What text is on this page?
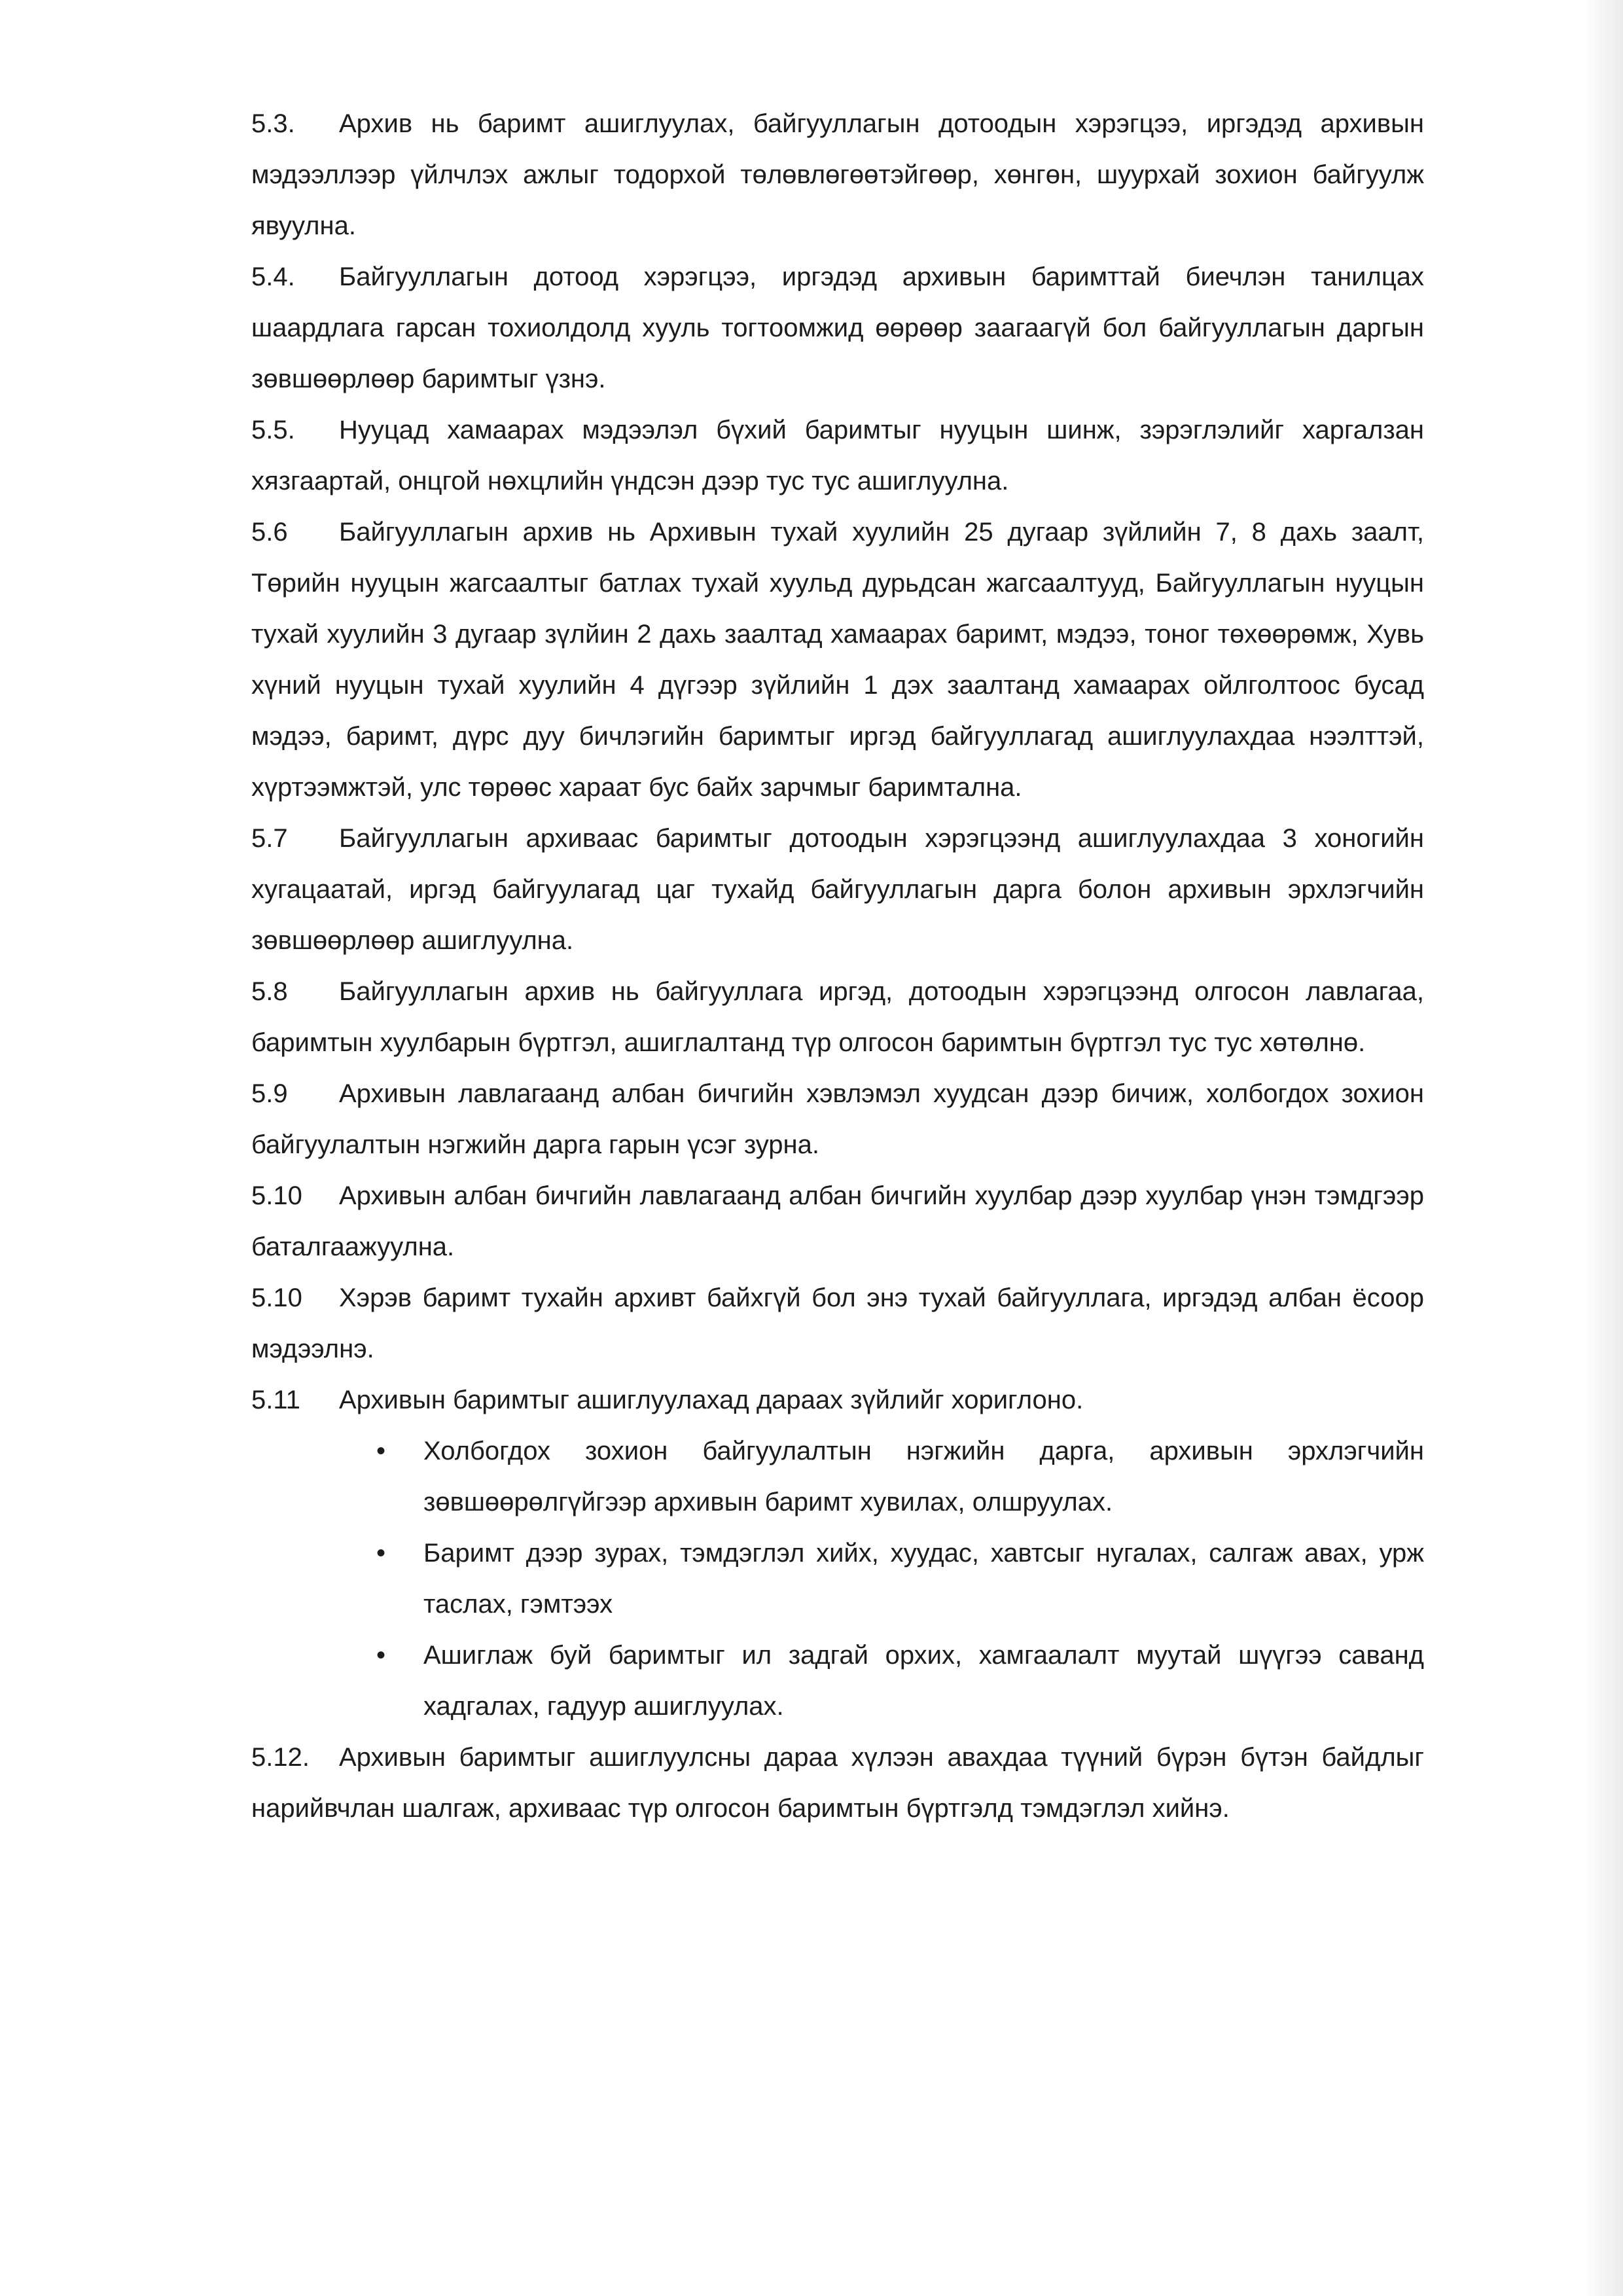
5.3. Архив нь баримт ашиглуулах, байгууллагын дотоодын хэрэгцээ, иргэдэд архивын мэдээллээр үйлчлэх ажлыг тодорхой төлөвлөгөөтэйгөөр, хөнгөн, шуурхай зохион байгуулж явуулна.

5.4. Байгууллагын дотоод хэрэгцээ, иргэдэд архивын баримттай биечлэн танилцах шаардлага гарсан тохиолдолд хууль тогтоомжид өөрөөр заагаагүй бол байгууллагын даргын зөвшөөрлөөр баримтыг үзнэ.

5.5. Нууцад хамаарах мэдээлэл бүхий баримтыг нууцын шинж, зэрэглэлийг харгалзан хязгаартай, онцгой нөхцлийн үндсэн дээр тус тус ашиглуулна.

5.6 Байгууллагын архив нь Архивын тухай хуулийн 25 дугаар зүйлийн 7, 8 дахь заалт, Төрийн нууцын жагсаалтыг батлах тухай хуульд дурьдсан жагсаалтууд, Байгууллагын нууцын тухай хуулийн 3 дугаар зүлйин 2 дахь заалтад хамаарах баримт, мэдээ, тоног төхөөрөмж, Хувь хүний нууцын тухай хуулийн 4 дүгээр зүйлийн 1 дэх заалтанд хамаарах ойлголтоос бусад мэдээ, баримт, дүрс дуу бичлэгийн баримтыг иргэд байгууллагад ашиглуулахдаа нээлттэй, хүртээмжтэй, улс төрөөс хараат бус байх зарчмыг баримтална.

5.7 Байгууллагын архиваас баримтыг дотоодын хэрэгцээнд ашиглуулахдаа 3 хоногийн хугацаатай, иргэд байгуулагад цаг тухайд байгууллагын дарга болон архивын эрхлэгчийн зөвшөөрлөөр ашиглуулна.

5.8 Байгууллагын архив нь байгууллага иргэд, дотоодын хэрэгцээнд олгосон лавлагаа, баримтын хуулбарын бүртгэл, ашиглалтанд түр олгосон баримтын бүртгэл тус тус хөтөлнө.

5.9 Архивын лавлагаанд албан бичгийн хэвлэмэл хуудсан дээр бичиж, холбогдох зохион байгуулалтын нэгжийн дарга гарын үсэг зурна.

5.10 Архивын албан бичгийн лавлагаанд албан бичгийн хуулбар дээр хуулбар үнэн тэмдгээр баталгаажуулна.

5.10 Хэрэв баримт тухайн архивт байхгүй бол энэ тухай байгууллага, иргэдэд албан ёсоор мэдээлнэ.

5.11 Архивын баримтыг ашиглуулахад дараах зүйлийг хориглоно.

• Холбогдох зохион байгуулалтын нэгжийн дарга, архивын эрхлэгчийн зөвшөөрөлгүйгээр архивын баримт хувилах, олшруулах.
• Баримт дээр зурах, тэмдэглэл хийх, хуудас, хавтсыг нугалах, салгаж авах, урж таслах, гэмтээх
• Ашиглаж буй баримтыг ил задгай орхих, хамгаалалт муутай шүүгээ саванд хадгалах, гадуур ашиглуулах.

5.12. Архивын баримтыг ашиглуулсны дараа хүлээн авахдаа түүний бүрэн бүтэн байдлыг нарийвчлан шалгаж, архиваас түр олгосон баримтын бүртгэлд тэмдэглэл хийнэ.
